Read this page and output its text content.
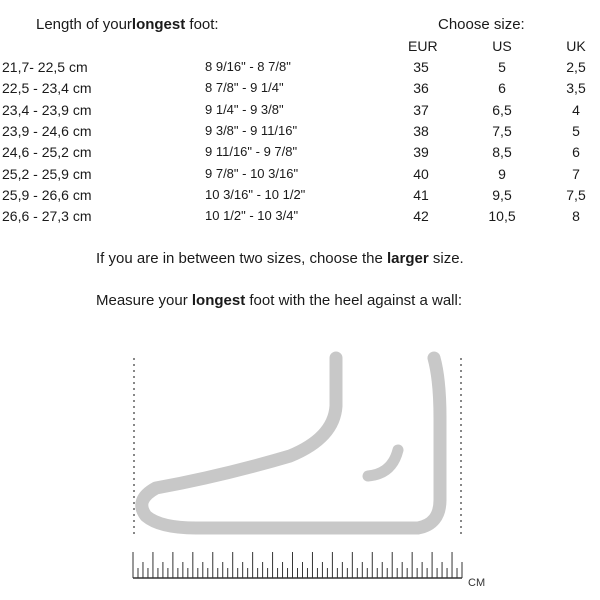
Length of yourlongest foot:	Choose size:
EUR	US	UK
21,7- 22,5 cm	8 9/16" - 8 7/8"	35	5	2,5
22,5 - 23,4 cm	8 7/8" - 9 1/4"	36	6	3,5
23,4 - 23,9 cm	9 1/4" - 9 3/8"	37	6,5	4
23,9 - 24,6 cm	9 3/8" - 9 11/16"	38	7,5	5
24,6 - 25,2 cm	9 11/16" - 9 7/8"	39	8,5	6
25,2 - 25,9 cm	9 7/8" - 10 3/16"	40	9	7
25,9 - 26,6 cm	10 3/16" - 10 1/2"	41	9,5	7,5
26,6 - 27,3 cm	10 1/2" - 10 3/4"	42	10,5	8
If you are in between two sizes, choose the larger size.
Measure your longest foot with the heel against a wall:
CM
